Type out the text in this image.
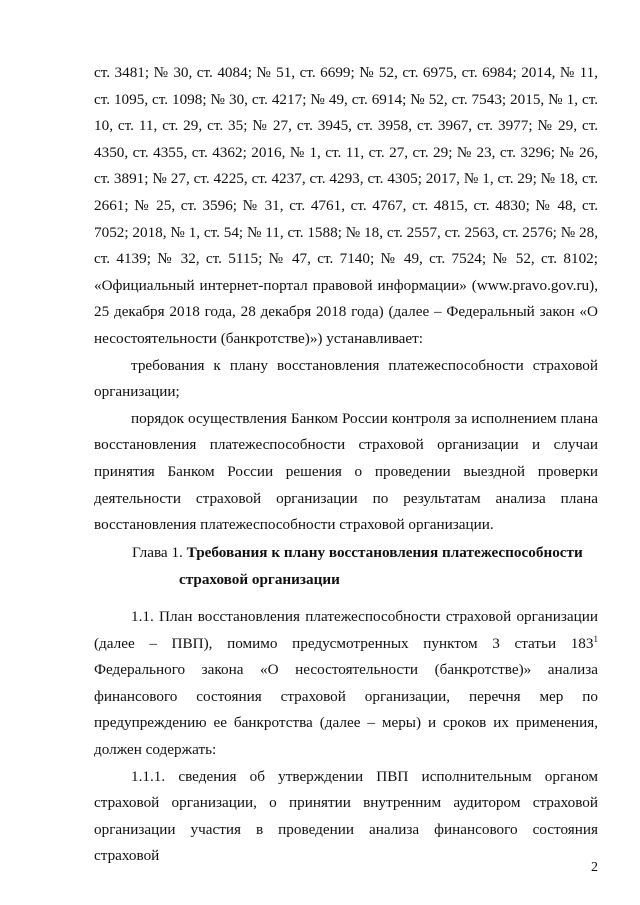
ст. 3481; № 30, ст. 4084; № 51, ст. 6699; № 52, ст. 6975, ст. 6984; 2014, № 11, ст. 1095, ст. 1098; № 30, ст. 4217; № 49, ст. 6914; № 52, ст. 7543; 2015, № 1, ст. 10, ст. 11, ст. 29, ст. 35; № 27, ст. 3945, ст. 3958, ст. 3967, ст. 3977; № 29, ст. 4350, ст. 4355, ст. 4362; 2016, № 1, ст. 11, ст. 27, ст. 29; № 23, ст. 3296; № 26, ст. 3891; № 27, ст. 4225, ст. 4237, ст. 4293, ст. 4305; 2017, № 1, ст. 29; № 18, ст. 2661; № 25, ст. 3596; № 31, ст. 4761, ст. 4767, ст. 4815, ст. 4830; № 48, ст. 7052; 2018, № 1, ст. 54; № 11, ст. 1588; № 18, ст. 2557, ст. 2563, ст. 2576; № 28, ст. 4139; № 32, ст. 5115; № 47, ст. 7140; № 49, ст. 7524; № 52, ст. 8102; «Официальный интернет-портал правовой информации» (www.pravo.gov.ru), 25 декабря 2018 года, 28 декабря 2018 года) (далее – Федеральный закон «О несостоятельности (банкротстве)») устанавливает:

требования к плану восстановления платежеспособности страховой организации;

порядок осуществления Банком России контроля за исполнением плана восстановления платежеспособности страховой организации и случаи принятия Банком России решения о проведении выездной проверки деятельности страховой организации по результатам анализа плана восстановления платежеспособности страховой организации.

Глава 1. Требования к плану восстановления платежеспособности

страховой организации

1.1. План восстановления платежеспособности страховой организации (далее – ПВП), помимо предусмотренных пунктом 3 статьи $183^1$ Федерального закона «О несостоятельности (банкротстве)» анализа финансового состояния страховой организации, перечня мер по предупреждению ее банкротства (далее – меры) и сроков их применения, должен содержать:

1.1.1. сведения об утверждении ПВП исполнительным органом страховой организации, о принятии внутренним аудитором страховой организации участия в проведении анализа финансового состояния страховой

2
